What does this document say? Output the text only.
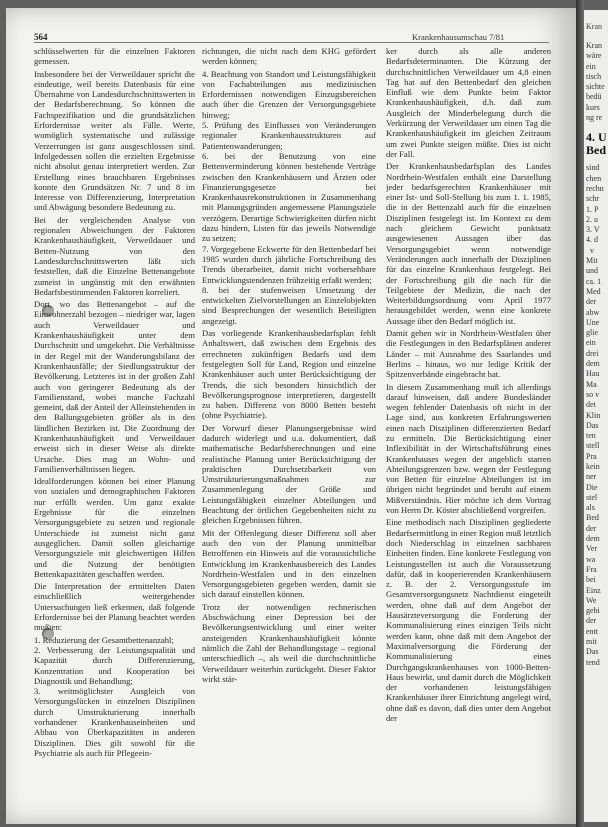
564	Krankenhausumschau 7/81

schlüsselwerten für die einzelnen Faktoren gemessen.

Insbesondere bei der Verweildauer spricht die eindeutige, weil bereits Datenbasis für eine Übernahme von Landesdurchschnittswerten in der Bedarfsberechnung. So können die Fachspezifikation und die grundsätzlichen Erfordernisse weiter als Fälle. Werte, womöglich systematische und zulässige Verzerrungen ist ganz ausgeschlossen sind. Infolgedessen sollen die erzielten Ergebnisse nicht absolut genau interpretiert werden. Zur Erstellung eines brauchbaren Ergebnisses konnte den Grundsätzen Nr. 7 und 8 im Interesse von Differenzierung, Interpretation und Abwägung besondere Bedeutung zu.

Bei der vergleichenden Analyse von regionalen Abweichungen der Faktoren Krankenhaushäufigkeit, Verweildauer und Betten-Nutzung von den Landesdurchschnittswerten läßt sich feststellen, daß die Einzelne Bettenangebote zumeist in ungünstig mit den erwähnten Bedarfsbestimmenden Faktoren korreliert.

Dort, wo das Bettenangebot – auf die Einwohnerzahl bezogen – niedriger war, lagen auch Verweildauer und Krankenhaushäufigkeit unter dem Durchschnitt und umgekehrt. Die Verhältnisse in der Regel mit der Wanderungsbilanz der Krankenhausfälle; der Siedlungsstruktur der Bevölkerung. Letzteres ist in der großen Zahl auch von geringerer Bedeutung als der Familienstand, wobei manche Fachzahl gemeint, daß der Anteil der Alleinstehenden in den Ballungsgebieten größer als in den ländlichen Bezirken ist. Die Zuordnung der Krankenhaushäufigkeit und Verweildauer erweist sich in dieser Weise als direkte Ursache. Dies mag an Wohn- und Familienverhältnissen liegen.

Idealforderungen können bei einer Planung von sozialen und demographischen Faktoren nur erfüllt werden. Um ganz exakte Ergebnisse für die einzelnen Versorgungsgebiete zu setzen und regionale Unterschiede ist zumeist nicht ganz ausgeglichen. Damit sollen gleichartige Versorgungsziele mit gleichwertigen Hilfen und die Nutzung der benötigten Bettenkapazitäten geschaffen werden.

Die Interpretation der ermittelten Daten einschließlich weitergehender Untersuchungen ließ erkennen, daß folgende Erfordernisse bei der Planung beachtet werden mußten:

1. Reduzierung der Gesamtbettenanzahl;
2. Verbesserung der Leistungsqualität und Kapazität durch Differenzierung, Konzentration und Kooperation bei Diagnostik und Behandlung;
3. weitmöglichster Ausgleich von Versorgungslücken in einzelnen Disziplinen durch Umstrukturierung innerhalb vorhandener Krankenhauseinheiten und Abbau von Überkapazitäten in anderen Disziplinen. Dies gilt sowohl für die Psychiatrie als auch für Pflegeein-

richtungen, die nicht nach dem KHG gefördert werden können;

4. Beachtung von Standort und Leistungsfähigkeit von Fachabteilungen aus medizinischen Erfordernissen notwendigen Einzugsbereichen auch über die Grenzen der Versorgungsgebiete hinweg;
5. Prüfung des Einflusses von Veränderungen regionaler Krankenhausstrukturen auf Patientenwanderungen;
6. bei der Benutzung von eine Bettenverminderung können bestehende Verträge zwischen den Krankenhäusern und Ärzten oder Finanzierungsgesetze bei Krankenhausrekonstruktionen in Zusammenhang mit Planungsgründen angemessene Planungsziele verzögern. Derartige Schwierigkeiten dürfen nicht dazu hindern, Listen für das jeweils Notwendige zu setzen;
7. Vorgegebene Eckwerte für den Bettenbedarf bei 1985 wurden durch jährliche Fortschreibung des Trends überarbeitet, damit nicht vorhersehbare Entwicklungstendenzen frühzeitig erfaßt werden;
8. bei der stufenweisen Umsetzung der entwickelten Zielvorstellungen an Einzelobjekten sind Besprechungen der wesentlich Beteiligten angezeigt.

Das vorliegende Krankenhausbedarfsplan fehlt Anhaltswert, daß zwischen dem Ergebnis des errechneten zukünftigen Bedarfs und dem festgelegten Soll für Land, Region und einzelne Krankenhäuser auch unter Berücksichtigung der Trends, die sich besonders hinsichtlich der Bevölkerungsprognose interpretieren, dargestellt zu haben. Differenz von 8000 Betten besteht (ohne Psychiatrie).

Der Vorwurf dieser Planungsergebnisse wird dadurch widerlegt und u.a. dokumentiert, daß mathematische Bedarfsberechnungen und eine realistische Planung unter Berücksichtigung der praktischen Durchsetzbarkeit von Umstrukturierungsmaßnahmen zur Zusammenlegung der Größe und Leistungsfähigkeit einzelner Abteilungen und Beachtung der örtlichen Gegebenheiten nicht zu gleichen Ergebnissen führen.

Mit der Offenlegung dieser Differenz soll aber auch den von der Planung unmittelbar Betroffenen ein Hinweis auf die voraussichtliche Entwicklung im Krankenhausbereich des Landes Nordrhein-Westfalen und in den einzelnen Versorgungsgebieten gegeben werden, damit sie sich darauf einstellen können.

Trotz der notwendigen rechnerischen Abschwächung einer Depression bei der Bevölkerungsentwicklung und einer weiter ansteigenden Krankenhaushäufigkeit könnte nämlich die Zahl der Behandlungstage – regional unterschiedlich –, als weil die durchschnittliche Verweildauer weiterhin zurückgeht. Dieser Faktor wirkt stär-

ker durch als alle anderen Bedarfsdeterminanten. Die Kürzung der durchschnittlichen Verweildauer um 4,8 einen Tag hat auf den Bettenbedarf den gleichen Einfluß wie dem Punkte beim Faktor Krankenhaushäufigkeit, d.h. daß zum Ausgleich der Minderbelegung durch die Verkürzung der Verweildauer um einen Tag die Krankenhaushäufigkeit im gleichen Zeitraum um zwei Punkte steigen müßte. Dies ist nicht der Fall.

Der Krankenhausbedarfsplan des Landes Nordrhein-Westfalen enthält eine Darstellung jeder bedarfsgerechten Krankenhäuser mit einer Ist- und Soll-Stellung bis zum 1. 1. 1985, die in der Bettenzahl auch für die einzelnen Disziplinen festgelegt ist. Im Kontext zu dem nach gleichem Gewicht punktsatz ausgewiesenen Aussagen über das Versorgungsgebiet wenn notwendige Veränderungen auch innerhalb der Disziplinen für das einzelne Krankenhaus festgelegt. Bei der Fortschreibung gilt die nach für die Teilgebiete der Medizin, die nach der Weiterbildungsordnung vom April 1977 herausgebildet werden, wenn eine konkrete Aussage über den Bedarf möglich ist.

Damit gehen wir in Nordrhein-Westfalen über die Festlegungen in den Bedarfsplänen anderer Länder – mit Ausnahme des Saarlandes und Berlins – hinaus, wo nur ledige Kritik der Spitzenverbände eingebracht hat.

In diesem Zusammenhang muß ich allerdings darauf hinweisen, daß andere Bundesländer wegen fehlender Datenbasis oft nicht in der Lage sind, aus konkreten Erfahrungswerten einen nach Disziplinen differenzierten Bedarf zu ermitteln. Die Berücksichtigung einer Inflexibilität in der Wirtschaftsführung eines Krankenhauses wegen der angeblich starren Abteilungsgrenzen bzw. wegen der Festlegung von Betten für einzelne Abteilungen ist im übrigen nicht begründet und beruht auf einem Mißverständnis. Hier möchte ich dem Vortrag von Herrn Dr. Köster abschließend vorgreifen.

Eine methodisch nach Disziplinen gegliederte Bedarfsermittlung in einer Region muß letztlich doch Niederschlag in einzelnen sachbaren Einheiten finden. Eine konkrete Festlegung von Leistungsstellen ist auch die Voraussetzung dafür, daß in kooperierenden Krankenhäusern z. B. der 2. Versorgungsstufe im Gesamtversorgungsnetz Nachtdienst eingeteilt werden, ohne daß auf dem Angebot der Hausärzteversorgung die Forderung der Kommunalisierung eines einzigen Teils nicht werden kann, ohne daß mit dem Angebot der Maximalversorgung die Förderung der Kommunalisierung eines Durchgangskrankenhauses von 1000-Betten-Haus bewirkt, und damit durch die Möglichkeit der vorhandenen leistungsfähigen Krankenhäuser ihrer Einrichtung angelegt wird, ohne daß es davon, daß dies unter dem Angebot der

Kran
Kran
wäre
ein
tisch
sichte
bedü
kurs
ng re
4. U
Bed
sind
chen
rechn
schr
1. P
2. u
3. V
4. d
v
Mit
und
ca. 1
Med
der
abw
Une
glie
ein
drei
dem
Hau
Ma
so v
det
Klin
Das
ten
stell
Pra
kein
ner
Die
stel
als
Bed
der
dem
Ver
wa
Fra
bei
Einz
We
gebi
der
entt
mit
Das
tend
